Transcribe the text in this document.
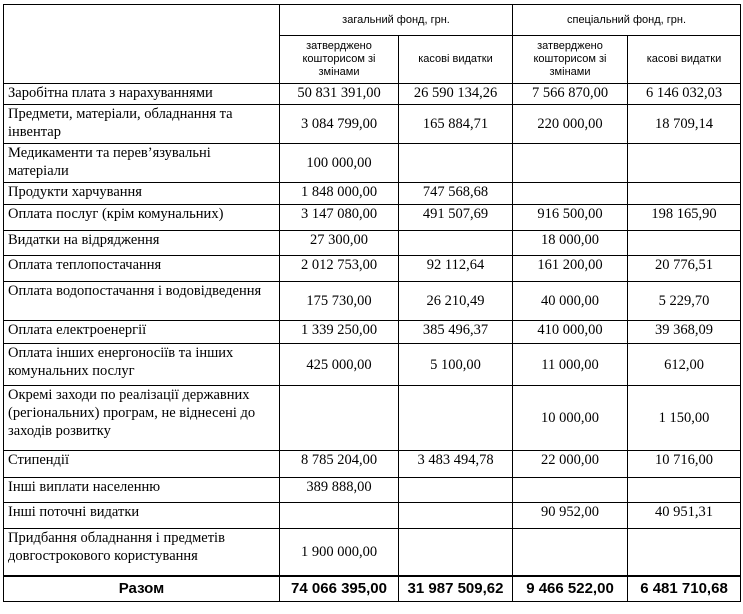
	загальний фонд, грн.		спеціальний фонд, грн.	
	затверджено кошторисом зі змінами	касові видатки	затверджено кошторисом зі змінами	касові видатки
Заробітна плата з нарахуваннями	50 831 391,00	26 590 134,26	7 566 870,00	6 146 032,03
Предмети, матеріали, обладнання та інвентар	3 084 799,00	165 884,71	220 000,00	18 709,14
Медикаменти та перев’язувальні матеріали	100 000,00			
Продукти харчування	1 848 000,00	747 568,68		
Оплата послуг (крім комунальних)	3 147 080,00	491 507,69	916 500,00	198 165,90
Видатки на відрядження	27 300,00		18 000,00	
Оплата теплопостачання	2 012 753,00	92 112,64	161 200,00	20 776,51
Оплата водопостачання і водовідведення	175 730,00	26 210,49	40 000,00	5 229,70
Оплата електроенергії	1 339 250,00	385 496,37	410 000,00	39 368,09
Оплата інших енергоносіїв та інших комунальних послуг	425 000,00	5 100,00	11 000,00	612,00
Окремі заходи по реалізації державних (регіональних) програм, не віднесені до заходів розвитку			10 000,00	1 150,00
Стипендії	8 785 204,00	3 483 494,78	22 000,00	10 716,00
Інші виплати населенню	389 888,00			
Інші поточні видатки			90 952,00	40 951,31
Придбання обладнання і предметів довгострокового користування	1 900 000,00			
Разом	74 066 395,00	31 987 509,62	9 466 522,00	6 481 710,68
